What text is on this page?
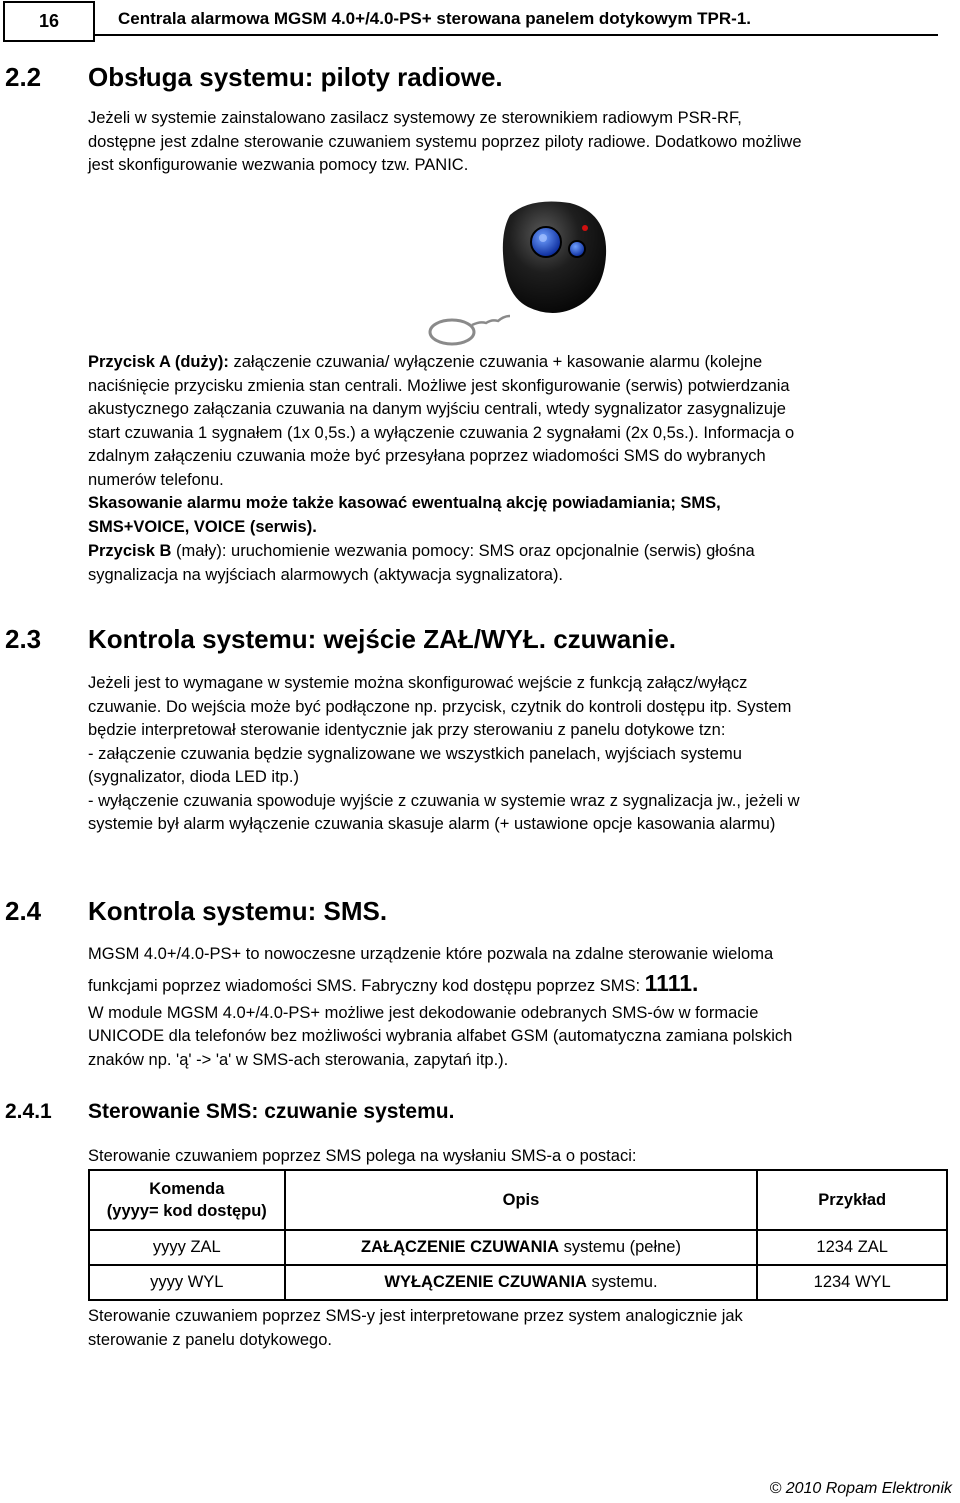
16	Centrala alarmowa MGSM 4.0+/4.0-PS+ sterowana panelem dotykowym TPR-1.
2.2 Obsługa systemu: piloty radiowe.

Jeżeli w systemie zainstalowano zasilacz systemowy ze sterownikiem radiowym PSR-RF,
dostępne jest zdalne sterowanie czuwaniem systemu poprzez piloty radiowe. Dodatkowo możliwe
jest skonfigurowanie wezwania pomocy tzw. PANIC.

Przycisk A (duży): załączenie czuwania/ wyłączenie czuwania + kasowanie alarmu (kolejne
naciśnięcie przycisku zmienia stan centrali. Możliwe jest skonfigurowanie (serwis) potwierdzania
akustycznego załączania czuwania na danym wyjściu centrali, wtedy sygnalizator zasygnalizuje
start czuwania 1 sygnałem (1x 0,5s.) a wyłączenie czuwania 2 sygnałami (2x 0,5s.). Informacja o
zdalnym załączeniu czuwania może być przesyłana poprzez wiadomości SMS do wybranych
numerów telefonu.

Skasowanie alarmu może także kasować ewentualną akcję powiadamiania; SMS,
SMS+VOICE, VOICE (serwis).

Przycisk B (mały): uruchomienie wezwania pomocy: SMS oraz opcjonalnie (serwis) głośna
sygnalizacja na wyjściach alarmowych (aktywacja sygnalizatora).

2.3 Kontrola systemu: wejście ZAŁ/WYŁ. czuwanie.

Jeżeli jest to wymagane w systemie można skonfigurować wejście z funkcją załącz/wyłącz
czuwanie. Do wejścia może być podłączone np. przycisk, czytnik do kontroli dostępu itp. System
będzie interpretował sterowanie identycznie jak przy sterowaniu z panelu dotykowe tzn:
- załączenie czuwania będzie sygnalizowane we wszystkich panelach, wyjściach systemu
(sygnalizator, dioda LED itp.)
- wyłączenie czuwania spowoduje wyjście z czuwania w systemie wraz z sygnalizacja jw., jeżeli w
systemie był alarm wyłączenie czuwania skasuje alarm (+ ustawione opcje kasowania alarmu)

2.4 Kontrola systemu: SMS.

MGSM 4.0+/4.0-PS+ to nowoczesne urządzenie które pozwala na zdalne sterowanie wieloma
funkcjami poprzez wiadomości SMS. Fabryczny kod dostępu poprzez SMS: 1111.
W module MGSM 4.0+/4.0-PS+ możliwe jest dekodowanie odebranych SMS-ów w formacie
UNICODE dla telefonów bez możliwości wybrania alfabet GSM (automatyczna zamiana polskich
znaków np. 'ą' -> 'a' w SMS-ach sterowania, zapytań itp.).

2.4.1 Sterowanie SMS: czuwanie systemu.

Sterowanie czuwaniem poprzez SMS polega na wysłaniu SMS-a o postaci:

Komenda
(yyyy= kod dostępu)	Opis	Przykład
yyyy ZAL	ZAŁĄCZENIE CZUWANIA systemu (pełne)	1234 ZAL
yyyy WYL	WYŁĄCZENIE CZUWANIA systemu.	1234 WYL

Sterowanie czuwaniem poprzez SMS-y jest interpretowane przez system analogicznie jak
sterowanie z panelu dotykowego.

© 2010 Ropam Elektronik
